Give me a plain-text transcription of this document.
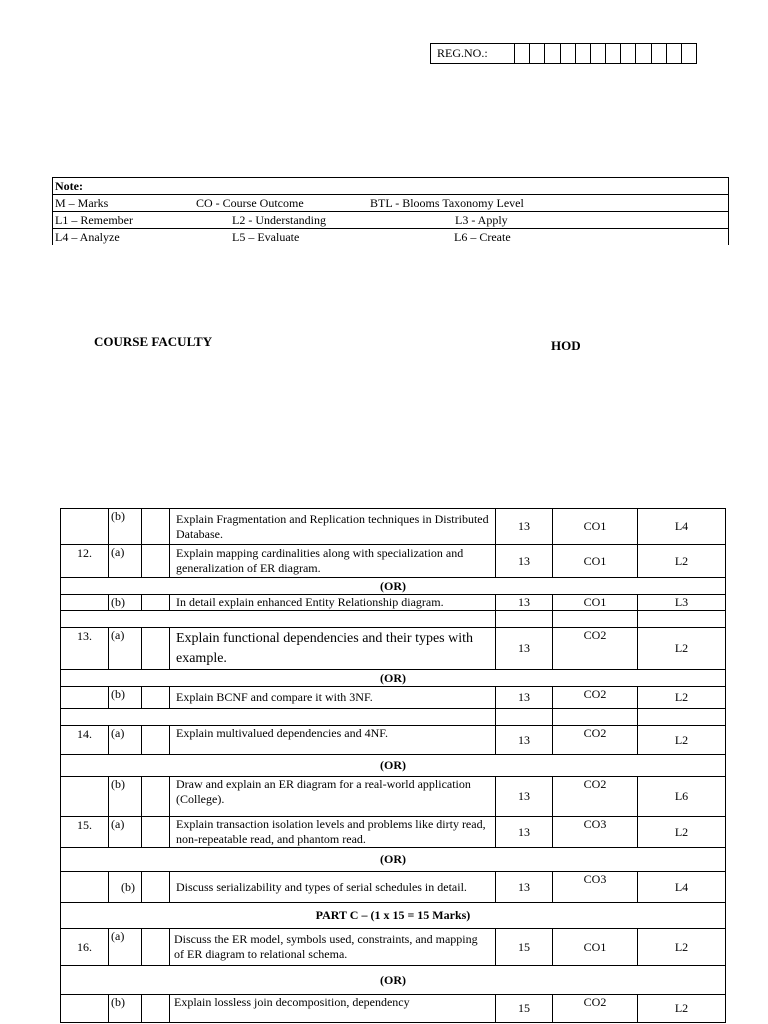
REG.NO.:
Note:
M – Marks	CO - Course Outcome	BTL - Blooms Taxonomy Level
L1 – Remember	L2 - Understanding	L3 - Apply
L4 – Analyze	L5 – Evaluate	L6 – Create
COURSE FACULTY	HOD
	(b)		Explain Fragmentation and Replication techniques in Distributed Database.	13	CO1	L4
12.	(a)		Explain mapping cardinalities along with specialization and generalization of ER diagram.	13	CO1	L2
(OR)						
	(b)		In detail explain enhanced Entity Relationship diagram.	13	CO1	L3

13.	(a)		Explain functional dependencies and their types with example.	13	CO2	L2
(OR)						
	(b)		Explain BCNF and compare it with 3NF.	13	CO2	L2

14.	(a)		Explain multivalued dependencies and 4NF.	13	CO2	L2
(OR)						
	(b)		Draw and explain an ER diagram for a real-world application (College).	13	CO2	L6
15.	(a)		Explain transaction isolation levels and problems like dirty read, non-repeatable read, and phantom read.	13	CO3	L2
(OR)						
	(b)		Discuss serializability and types of serial schedules in detail.	13	CO3	L4
PART C – (1 x 15 = 15 Marks)						
16.	(a)		Discuss the ER model, symbols used, constraints, and mapping of ER diagram to relational schema.	15	CO1	L2
(OR)						
	(b)		Explain lossless join decomposition, dependency	15	CO2	L2
